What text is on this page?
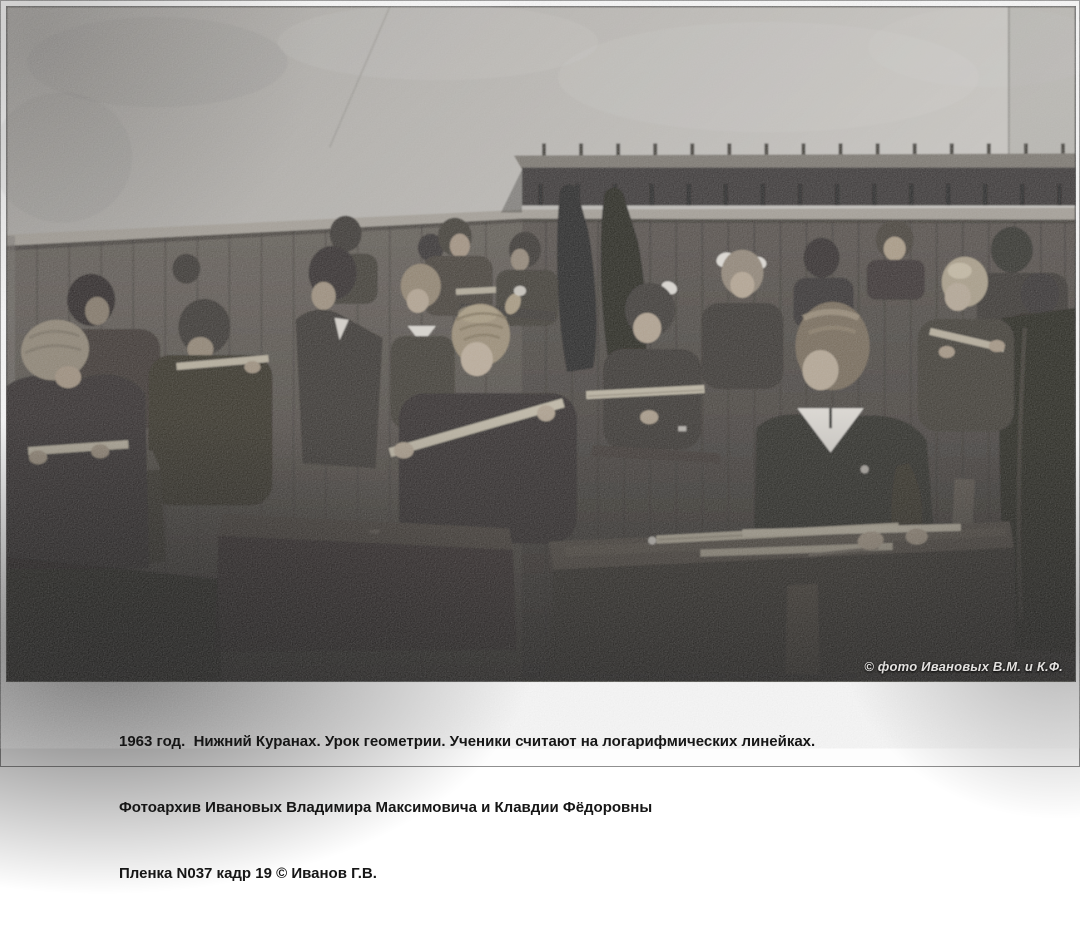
© фото Ивановых В.М. и К.Ф.

1963 год.  Нижний Куранах. Урок геометрии. Ученики считают на логарифмических линейках.

Фотоархив Ивановых Владимира Максимовича и Клавдии Фёдоровны

Пленка N037 кадр 19 © Иванов Г.В.
